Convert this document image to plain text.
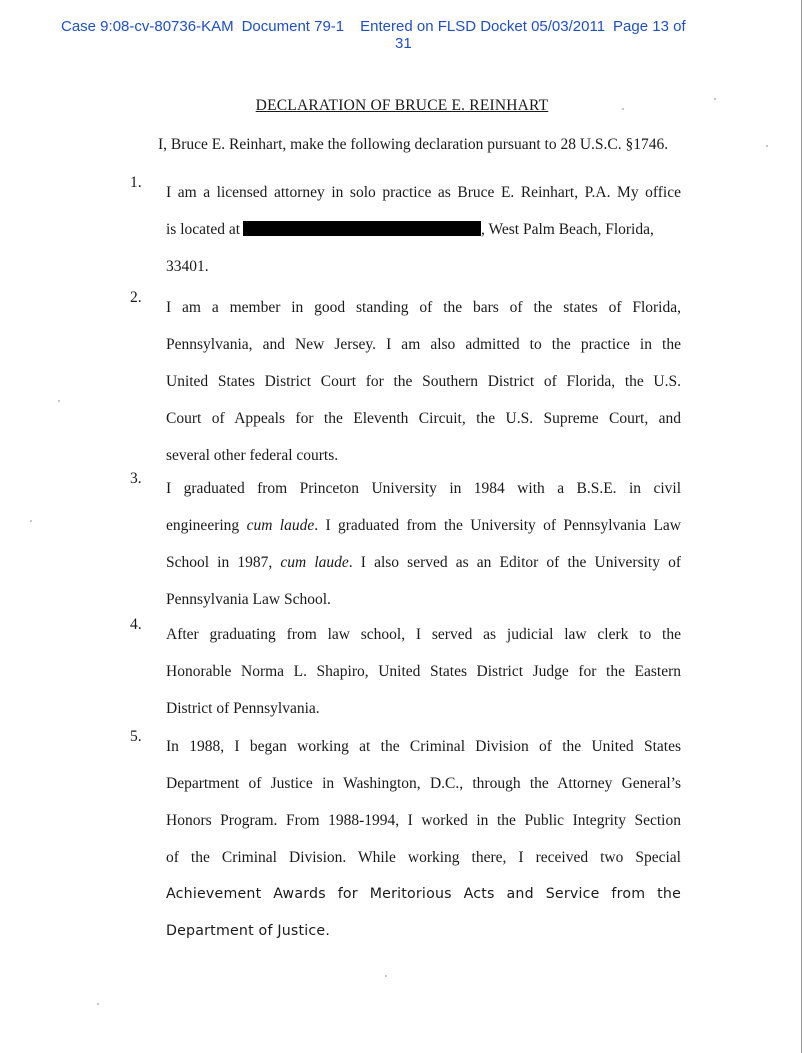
Case 9:08-cv-80736-KAM Document 79-1 Entered on FLSD Docket 05/03/2011 Page 13 of
31
DECLARATION OF BRUCE E. REINHART
I, Bruce E. Reinhart, make the following declaration pursuant to 28 U.S.C. §1746.
1.
I am a licensed attorney in solo practice as Bruce E. Reinhart, P.A. My office
is located at	, West Palm Beach, Florida,
33401.
2.
I am a member in good standing of the bars of the states of Florida,
Pennsylvania, and New Jersey. I am also admitted to the practice in the
United States District Court for the Southern District of Florida, the U.S.
Court of Appeals for the Eleventh Circuit, the U.S. Supreme Court, and
several other federal courts.
3.
I graduated from Princeton University in 1984 with a B.S.E. in civil
engineering cum laude. I graduated from the University of Pennsylvania Law
School in 1987, cum laude. I also served as an Editor of the University of
Pennsylvania Law School.
4.
After graduating from law school, I served as judicial law clerk to the
Honorable Norma L. Shapiro, United States District Judge for the Eastern
District of Pennsylvania.
5.
In 1988, I began working at the Criminal Division of the United States
Department of Justice in Washington, D.C., through the Attorney General’s
Honors Program. From 1988-1994, I worked in the Public Integrity Section
of the Criminal Division. While working there, I received two Special
Achievement Awards for Meritorious Acts and Service from the
Department of Justice.
